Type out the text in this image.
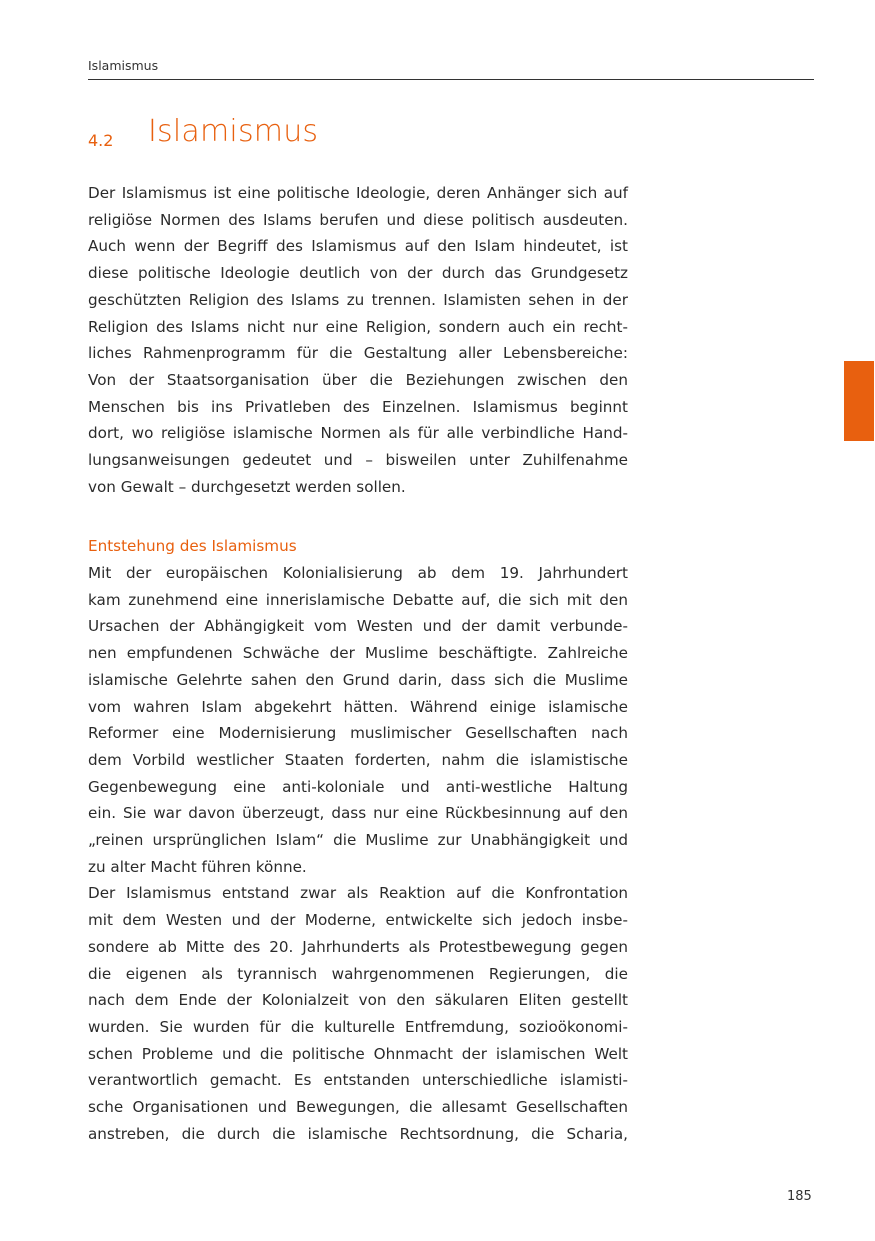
Islamismus
4.2 Islamismus
Der Islamismus ist eine politische Ideologie, deren Anhänger sich auf
religiöse Normen des Islams berufen und diese politisch ausdeuten.
Auch wenn der Begriff des Islamismus auf den Islam hindeutet, ist
diese politische Ideologie deutlich von der durch das Grundgesetz
geschützten Religion des Islams zu trennen. Islamisten sehen in der
Religion des Islams nicht nur eine Religion, sondern auch ein recht-
liches Rahmenprogramm für die Gestaltung aller Lebensbereiche:
Von der Staatsorganisation über die Beziehungen zwischen den
Menschen bis ins Privatleben des Einzelnen. Islamismus beginnt
dort, wo religiöse islamische Normen als für alle verbindliche Hand-
lungsanweisungen gedeutet und – bisweilen unter Zuhilfenahme
von Gewalt – durchgesetzt werden sollen.
Entstehung des Islamismus
Mit der europäischen Kolonialisierung ab dem 19. Jahrhundert
kam zunehmend eine innerislamische Debatte auf, die sich mit den
Ursachen der Abhängigkeit vom Westen und der damit verbunde-
nen empfundenen Schwäche der Muslime beschäftigte. Zahlreiche
islamische Gelehrte sahen den Grund darin, dass sich die Muslime
vom wahren Islam abgekehrt hätten. Während einige islamische
Reformer eine Modernisierung muslimischer Gesellschaften nach
dem Vorbild westlicher Staaten forderten, nahm die islamistische
Gegenbewegung eine anti-koloniale und anti-westliche Haltung
ein. Sie war davon überzeugt, dass nur eine Rückbesinnung auf den
„reinen ursprünglichen Islam“ die Muslime zur Unabhängigkeit und
zu alter Macht führen könne.
Der Islamismus entstand zwar als Reaktion auf die Konfrontation
mit dem Westen und der Moderne, entwickelte sich jedoch insbe-
sondere ab Mitte des 20. Jahrhunderts als Protestbewegung gegen
die eigenen als tyrannisch wahrgenommenen Regierungen, die
nach dem Ende der Kolonialzeit von den säkularen Eliten gestellt
wurden. Sie wurden für die kulturelle Entfremdung, sozioökonomi-
schen Probleme und die politische Ohnmacht der islamischen Welt
verantwortlich gemacht. Es entstanden unterschiedliche islamisti-
sche Organisationen und Bewegungen, die allesamt Gesellschaften
anstreben, die durch die islamische Rechtsordnung, die Scharia,
185
